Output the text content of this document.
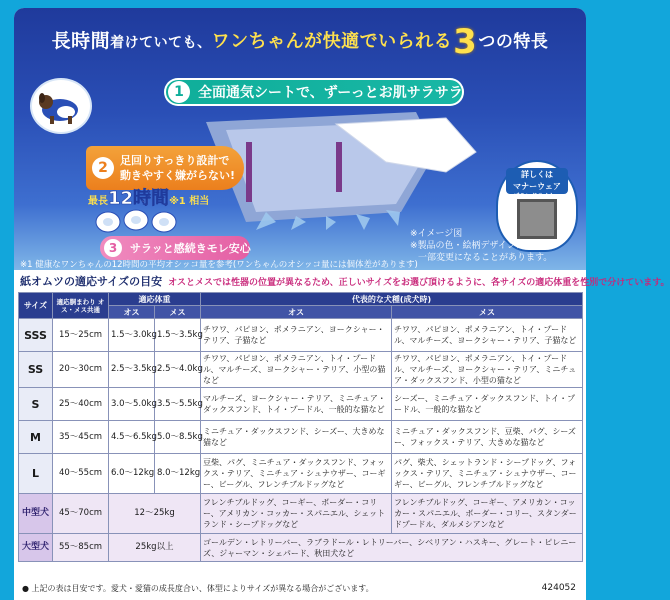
長時間着けていても、ワンちゃんが快適でいられる3つの特長
1	全面通気シートで、ずーっとお肌サラサラ
2	足回りすっきり設計で
動きやすく嫌がらない!
最長12時間※1 相当
3	サラッと感続きモレ安心
詳しくは
マナーウェア
ブランドサイトへ
※イメージ図
※製品の色・絵柄デザインは
一部変更になることがあります。
※1 健康なワンちゃんの12時間の平均オシッコ量を参考(ワンちゃんのオシッコ量には個体差があります)
紙オムツの適応サイズの目安 オスとメスでは性器の位置が異なるため、正しいサイズをお選び頂けるように、各サイズの適応体重を性別で分けています。
サイズ	適応胴まわり オス・メス共通	適応体重		代表的な犬種(成犬時)	
		オス	メス	オス	メス
SSS	15〜25cm	1.5〜3.0kg	1.5〜3.5kg	チワワ、パピヨン、ポメラニアン、ヨークシャー・テリア、子猫など	チワワ、パピヨン、ポメラニアン、トイ・プードル、マルチーズ、ヨークシャー・テリア、子猫など
SS	20〜30cm	2.5〜3.5kg	2.5〜4.0kg	チワワ、パピヨン、ポメラニアン、トイ・プードル、マルチーズ、ヨークシャー・テリア、小型の猫など	チワワ、パピヨン、ポメラニアン、トイ・プードル、マルチーズ、ヨークシャー・テリア、ミニチュア・ダックスフンド、小型の猫など
S	25〜40cm	3.0〜5.0kg	3.5〜5.5kg	マルチーズ、ヨークシャー・テリア、ミニチュア・ダックスフンド、トイ・プードル、一般的な猫など	シーズー、ミニチュア・ダックスフンド、トイ・プードル、一般的な猫など
M	35〜45cm	4.5〜6.5kg	5.0〜8.5kg	ミニチュア・ダックスフンド、シーズー、大きめな猫など	ミニチュア・ダックスフンド、豆柴、パグ、シーズー、フォックス・テリア、大きめな猫など
L	40〜55cm	6.0〜12kg	8.0〜12kg	豆柴、パグ、ミニチュア・ダックスフンド、フォックス・テリア、ミニチュア・シュナウザー、コーギー、ビーグル、フレンチブルドッグなど	パグ、柴犬、シェットランド・シープドッグ、フォックス・テリア、ミニチュア・シュナウザー、コーギー、ビーグル、フレンチブルドッグなど
中型犬	45〜70cm	12〜25kg		フレンチブルドッグ、コーギー、ボーダー・コリー、アメリカン・コッカー・スパニエル、シェットランド・シープドッグなど	フレンチブルドッグ、コーギー、アメリカン・コッカー・スパニエル、ボーダー・コリー、スタンダードプードル、ダルメシアンなど
大型犬	55〜85cm	25kg以上		ゴールデン・レトリーバー、ラブラドール・レトリーバー、シベリアン・ハスキー、グレート・ピレニーズ、ジャーマン・シェパード、秋田犬など	
● 上記の表は目安です。愛犬・愛猫の成長度合い、体型によりサイズが異なる場合がございます。	424052
